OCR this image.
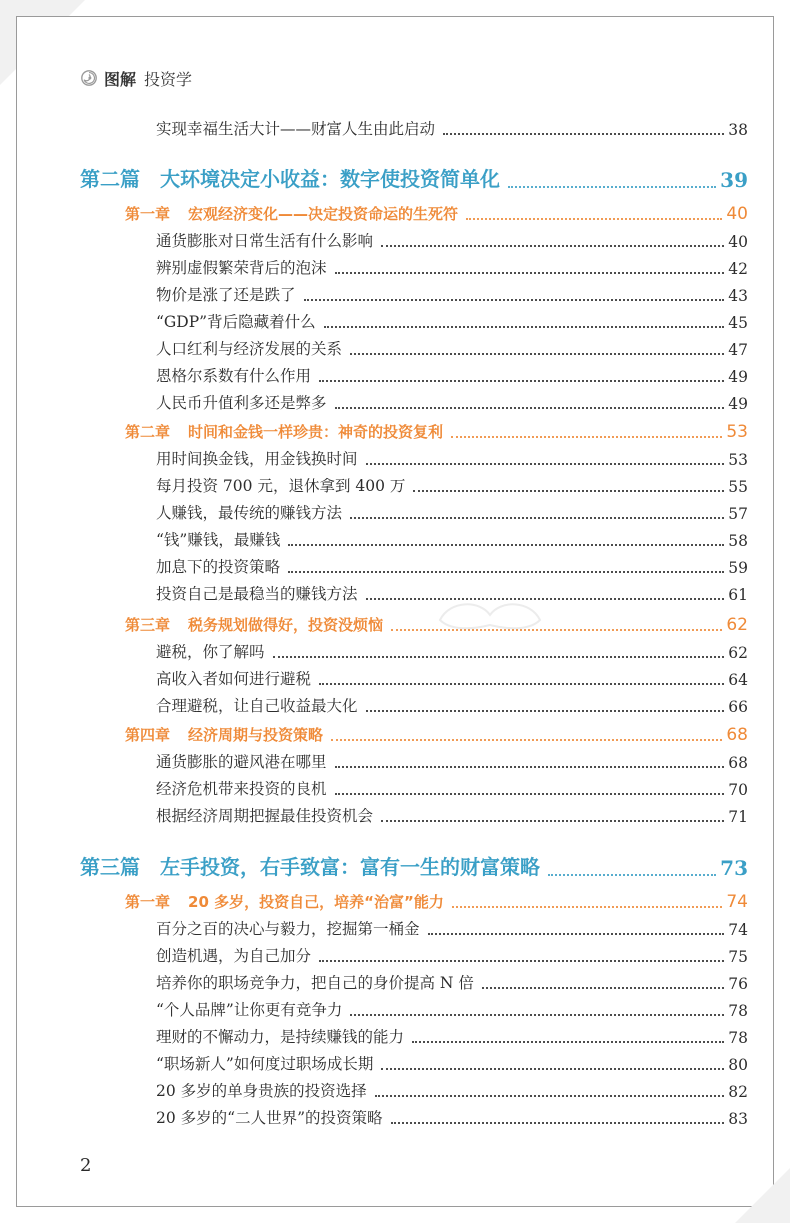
图解 投资学
实现幸福生活大计——财富人生由此启动	38
第二篇 大环境决定小收益：数字使投资简单化	39
第一章 宏观经济变化——决定投资命运的生死符	40
通货膨胀对日常生活有什么影响	40
辨别虚假繁荣背后的泡沫	42
物价是涨了还是跌了	43
“GDP”背后隐藏着什么	45
人口红利与经济发展的关系	47
恩格尔系数有什么作用	49
人民币升值利多还是弊多	49
第二章 时间和金钱一样珍贵：神奇的投资复利	53
用时间换金钱，用金钱换时间	53
每月投资 700 元，退休拿到 400 万	55
人赚钱，最传统的赚钱方法	57
“钱”赚钱，最赚钱	58
加息下的投资策略	59
投资自己是最稳当的赚钱方法	61
第三章 税务规划做得好，投资没烦恼	62
避税，你了解吗	62
高收入者如何进行避税	64
合理避税，让自己收益最大化	66
第四章 经济周期与投资策略	68
通货膨胀的避风港在哪里	68
经济危机带来投资的良机	70
根据经济周期把握最佳投资机会	71
第三篇 左手投资，右手致富：富有一生的财富策略	73
第一章 20 多岁，投资自己，培养“治富”能力	74
百分之百的决心与毅力，挖掘第一桶金	74
创造机遇，为自己加分	75
培养你的职场竞争力，把自己的身价提高 N 倍	76
“个人品牌”让你更有竞争力	78
理财的不懈动力，是持续赚钱的能力	78
“职场新人”如何度过职场成长期	80
20 多岁的单身贵族的投资选择	82
20 多岁的“二人世界”的投资策略	83
2
